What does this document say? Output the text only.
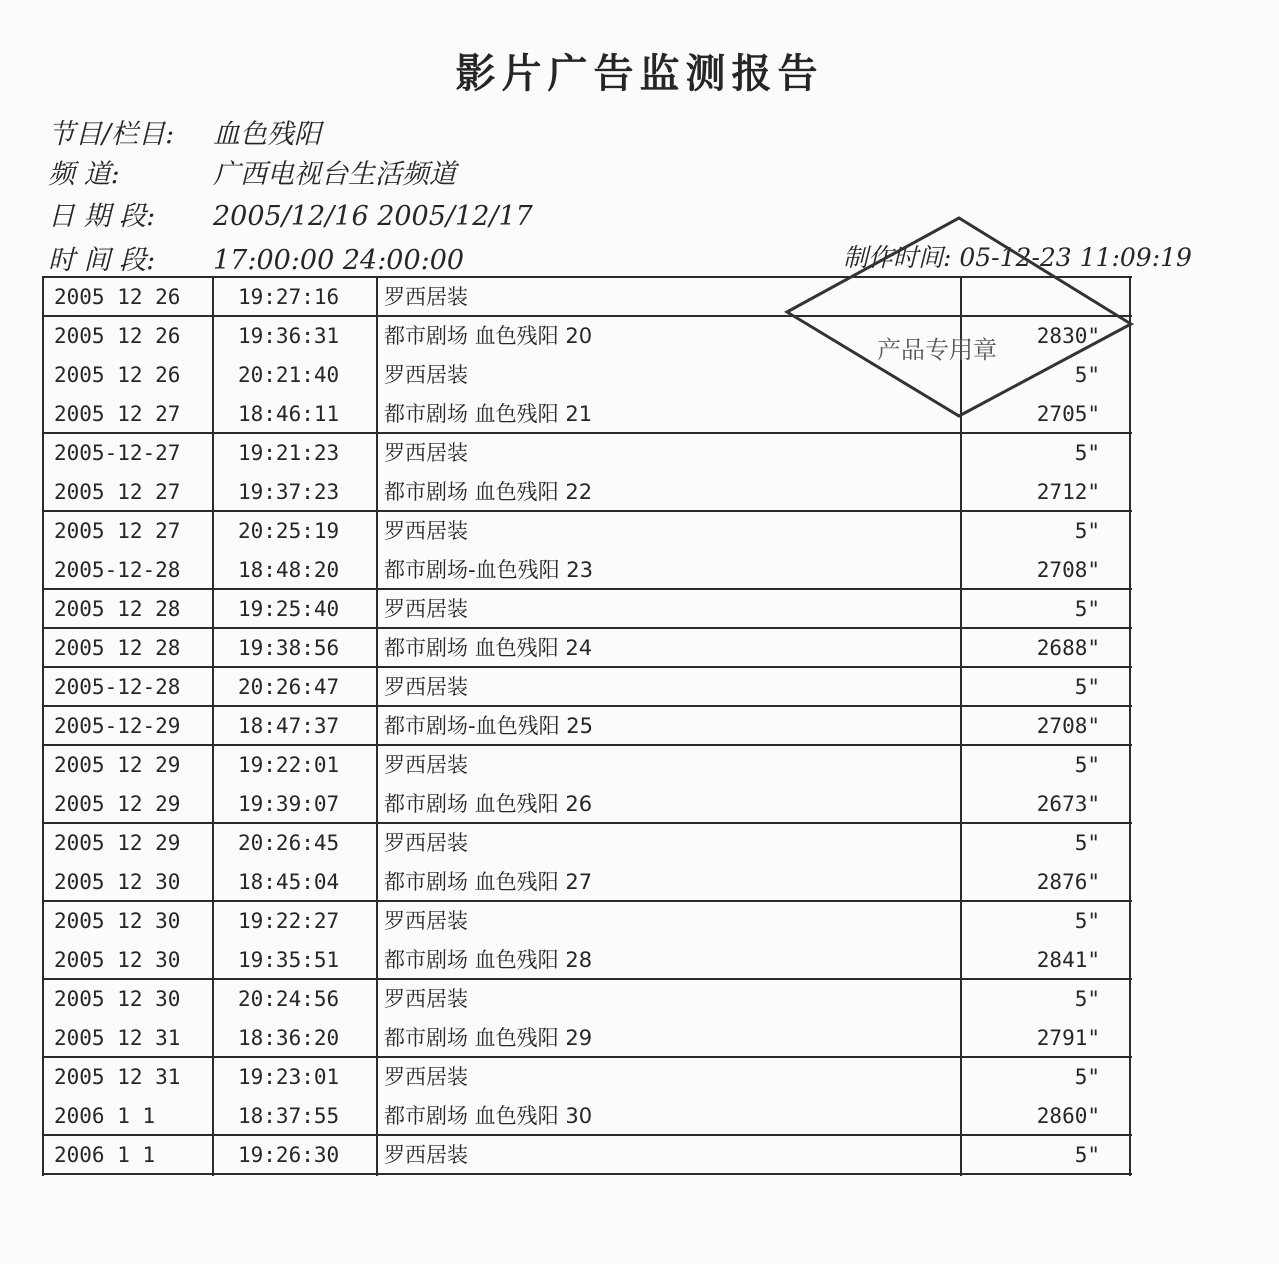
影片广告监测报告
节目/栏目: 血色残阳
频 道:	广西电视台生活频道
日 期 段: 2005/12/16 2005/12/17
时 间 段: 17:00:00 24:00:00	制作时间: 05-12-23 11:09:19
2005 12 26	19:27:16	罗西居装
2005 12 26	19:36:31	都市剧场 血色残阳 20	2830"
2005 12 26	20:21:40	罗西居装	5"
2005 12 27	18:46:11	都市剧场 血色残阳 21	2705"
2005-12-27	19:21:23	罗西居装	5"
2005 12 27	19:37:23	都市剧场 血色残阳 22	2712"
2005 12 27	20:25:19	罗西居装	5"
2005-12-28	18:48:20	都市剧场-血色残阳 23	2708"
2005 12 28	19:25:40	罗西居装	5"
2005 12 28	19:38:56	都市剧场 血色残阳 24	2688"
2005-12-28	20:26:47	罗西居装	5"
2005-12-29	18:47:37	都市剧场-血色残阳 25	2708"
2005 12 29	19:22:01	罗西居装	5"
2005 12 29	19:39:07	都市剧场 血色残阳 26	2673"
2005 12 29	20:26:45	罗西居装	5"
2005 12 30	18:45:04	都市剧场 血色残阳 27	2876"
2005 12 30	19:22:27	罗西居装	5"
2005 12 30	19:35:51	都市剧场 血色残阳 28	2841"
2005 12 30	20:24:56	罗西居装	5"
2005 12 31	18:36:20	都市剧场 血色残阳 29	2791"
2005 12 31	19:23:01	罗西居装	5"
2006 1 1	18:37:55	都市剧场 血色残阳 30	2860"
2006 1 1	19:26:30	罗西居装	5"
产品专用章
